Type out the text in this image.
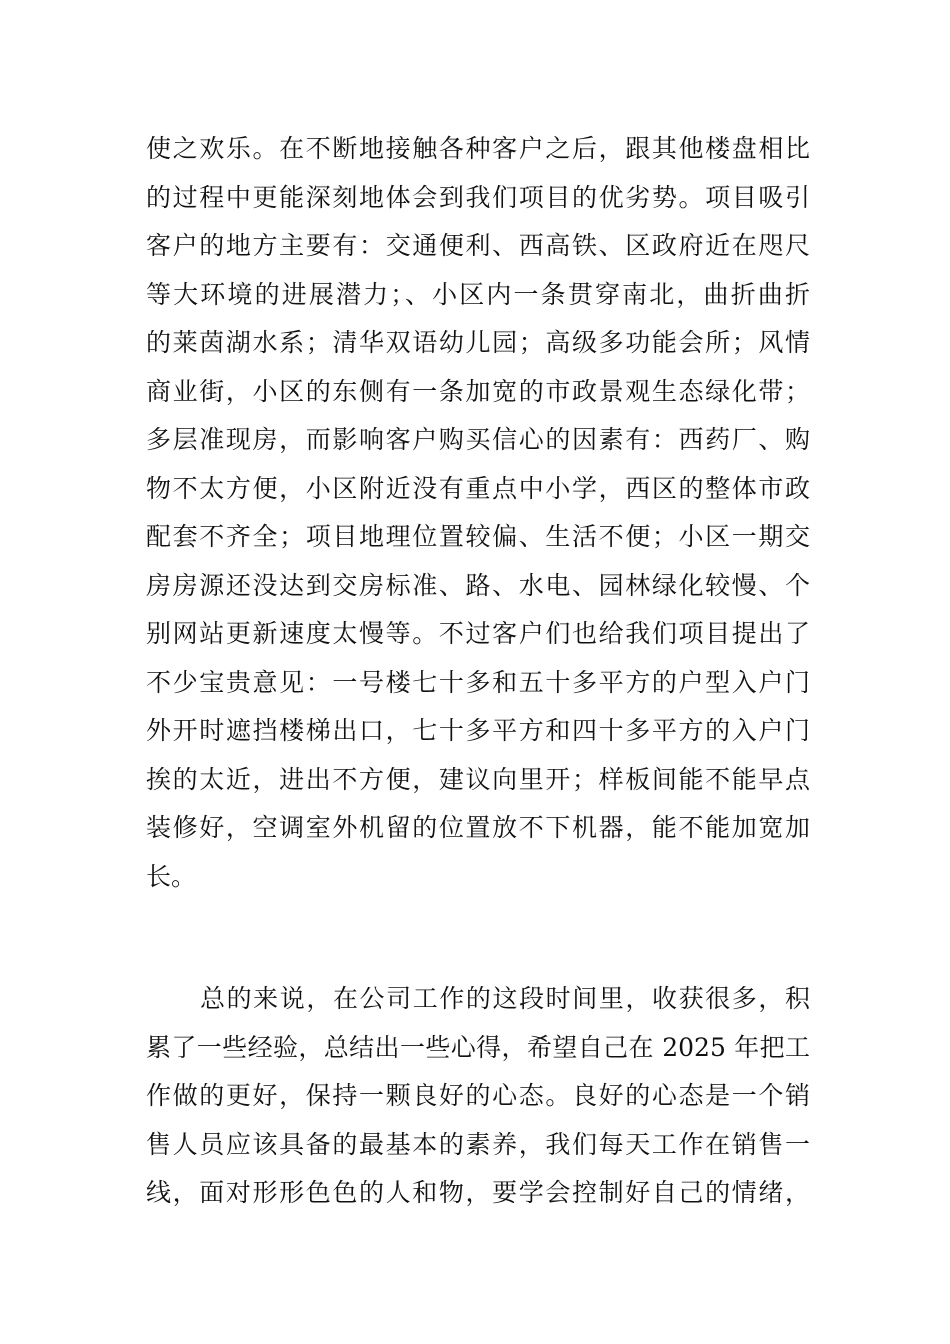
使之欢乐。在不断地接触各种客户之后，跟其他楼盘相比
的过程中更能深刻地体会到我们项目的优劣势。项目吸引
客户的地方主要有：交通便利、西高铁、区政府近在咫尺
等大环境的进展潜力；、小区内一条贯穿南北，曲折曲折
的莱茵湖水系；清华双语幼儿园；高级多功能会所；风情
商业街，小区的东侧有一条加宽的市政景观生态绿化带；
多层准现房，而影响客户购买信心的因素有：西药厂、购
物不太方便，小区附近没有重点中小学，西区的整体市政
配套不齐全；项目地理位置较偏、生活不便；小区一期交
房房源还没达到交房标准、路、水电、园林绿化较慢、个
别网站更新速度太慢等。不过客户们也给我们项目提出了
不少宝贵意见：一号楼七十多和五十多平方的户型入户门
外开时遮挡楼梯出口，七十多平方和四十多平方的入户门
挨的太近，进出不方便，建议向里开；样板间能不能早点
装修好，空调室外机留的位置放不下机器，能不能加宽加
长。
总的来说，在公司工作的这段时间里，收获很多，积
累了一些经验，总结出一些心得，希望自己在 2025 年把工
作做的更好，保持一颗良好的心态。良好的心态是一个销
售人员应该具备的最基本的素养，我们每天工作在销售一
线，面对形形色色的人和物，要学会控制好自己的情绪，
